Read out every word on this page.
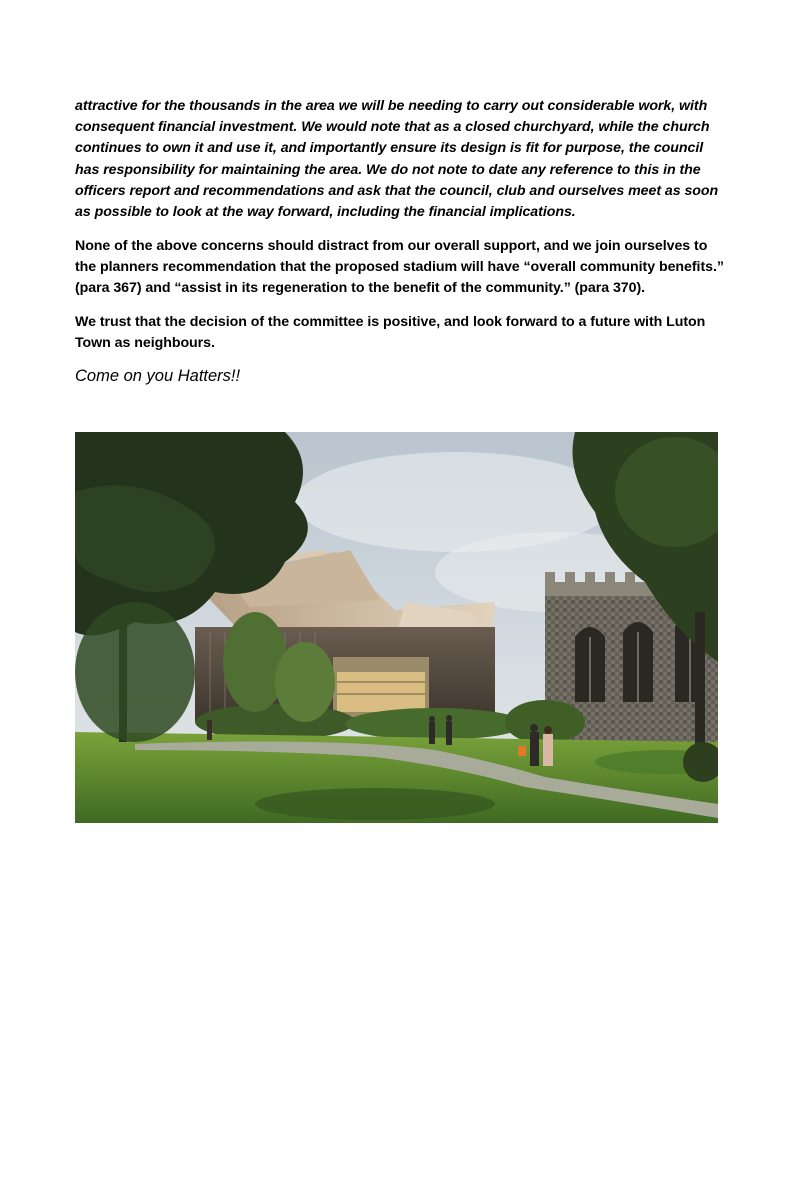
attractive for the thousands in the area we will be needing to carry out considerable work, with consequent financial investment. We would note that as a closed churchyard, while the church continues to own it and use it, and importantly ensure its design is fit for purpose, the council has responsibility for maintaining the area. We do not note to date any reference to this in the officers report and recommendations and ask that the council, club and ourselves meet as soon as possible to look at the way forward, including the financial implications.

None of the above concerns should distract from our overall support, and we join ourselves to the planners recommendation that the proposed stadium will have “overall community benefits.” (para 367) and “assist in its regeneration to the benefit of the community.” (para 370).

We trust that the decision of the committee is positive, and look forward to a future with Luton Town as neighbours.

Come on you Hatters!!
